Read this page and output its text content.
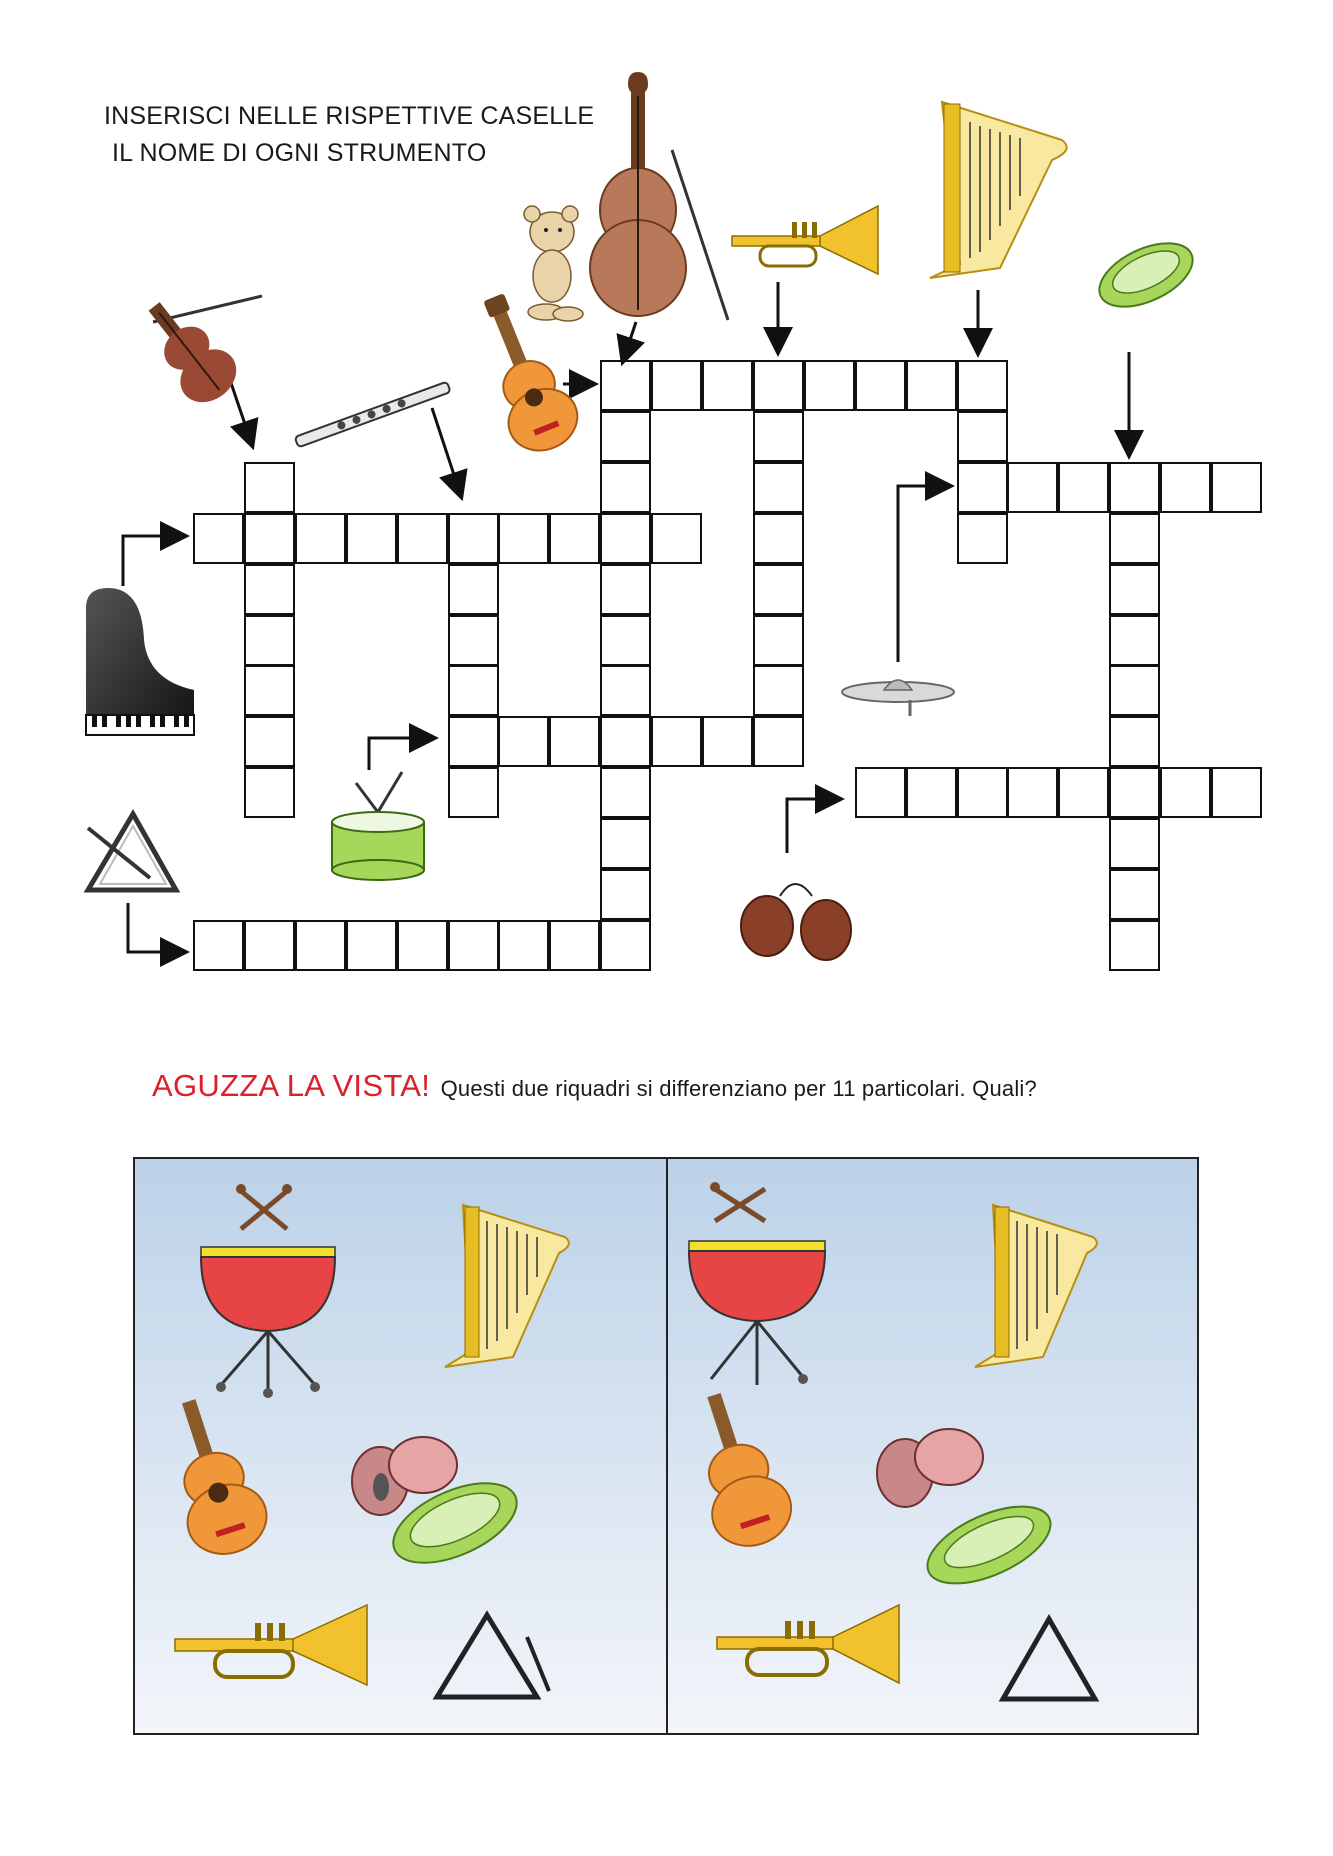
INSERISCI NELLE RISPETTIVE CASELLE
IL NOME DI OGNI STRUMENTO
AGUZZA LA VISTA! Questi due riquadri si differenziano per 11 particolari. Quali?
